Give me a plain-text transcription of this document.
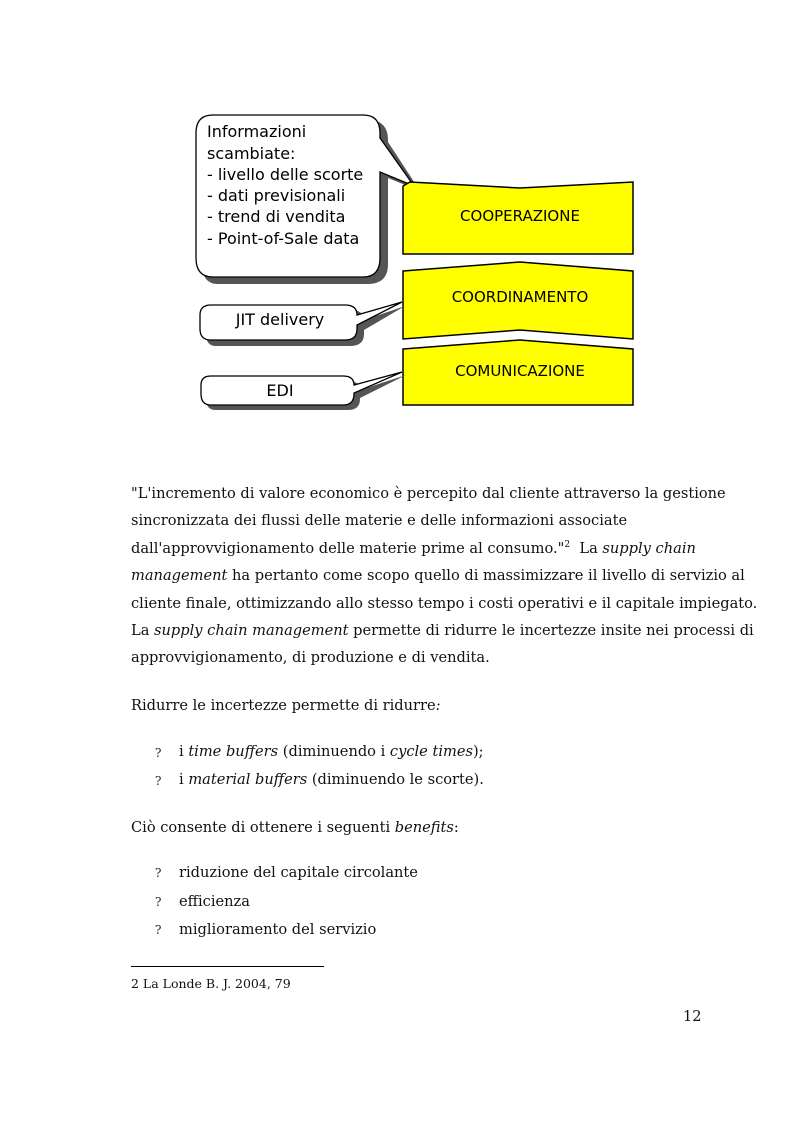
Informazioni
scambiate:
- livello delle scorte
- dati previsionali
- trend di vendita
- Point-of-Sale data
COOPERAZIONE
COORDINAMENTO
COMUNICAZIONE
JIT delivery
EDI
"L'incremento di valore economico è percepito dal cliente attraverso la gestione
sincronizzata dei flussi delle materie e delle informazioni associate
dall'approvvigionamento delle materie prime al consumo."$^2$  La supply chain
management ha pertanto come scopo quello di massimizzare il livello di servizio al
cliente finale, ottimizzando allo stesso tempo i costi operativi e il capitale impiegato.
La supply chain management permette di ridurre le incertezze insite nei processi di
approvvigionamento, di produzione e di vendita.
Ridurre le incertezze permette di ridurre:
? i time buffers (diminuendo i cycle times);
? i material buffers (diminuendo le scorte).
Ciò consente di ottenere i seguenti benefits:
? riduzione del capitale circolante
? efficienza
? miglioramento del servizio
2 La Londe B. J. 2004, 79
12
